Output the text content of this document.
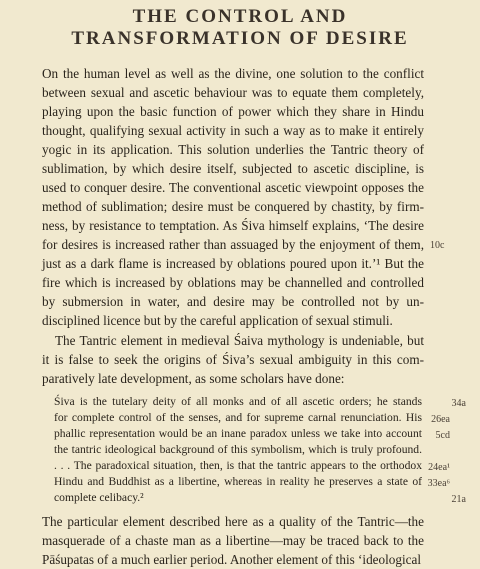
THE CONTROL AND
TRANSFORMATION OF DESIRE
On the human level as well as the divine, one solution to the conflict
between sexual and ascetic behaviour was to equate them completely,
playing upon the basic function of power which they share in Hindu
thought, qualifying sexual activity in such a way as to make it entirely
yogic in its application. This solution underlies the Tantric theory of
sublimation, by which desire itself, subjected to ascetic discipline, is
used to conquer desire. The conventional ascetic viewpoint opposes the
method of sublimation; desire must be conquered by chastity, by firm-
ness, by resistance to temptation. As Śiva himself explains, ‘The desire
for desires is increased rather than assuaged by the enjoyment of them,
just as a dark flame is increased by oblations poured upon it.’¹ But the
fire which is increased by oblations may be channelled and controlled
by submersion in water, and desire may be controlled not by un-
disciplined licence but by the careful application of sexual stimuli.
The Tantric element in medieval Śaiva mythology is undeniable, but
it is false to seek the origins of Śiva’s sexual ambiguity in this com-
paratively late development, as some scholars have done:
Śiva is the tutelary deity of all monks and of all ascetic orders; he stands
for complete control of the senses, and for supreme carnal renunciation. His
phallic representation would be an inane paradox unless we take into account
the tantric ideological background of this symbolism, which is truly profound.
. . . The paradoxical situation, then, is that the tantric appears to the orthodox
Hindu and Buddhist as a libertine, whereas in reality he preserves a state of
complete celibacy.²
The particular element described here as a quality of the Tantric—the
masquerade of a chaste man as a libertine—may be traced back to the
Pāśupatas of a much earlier period. Another element of this ‘ideological
10c
34a
26ea
5cd
24ea¹
33ea⁶
21a
